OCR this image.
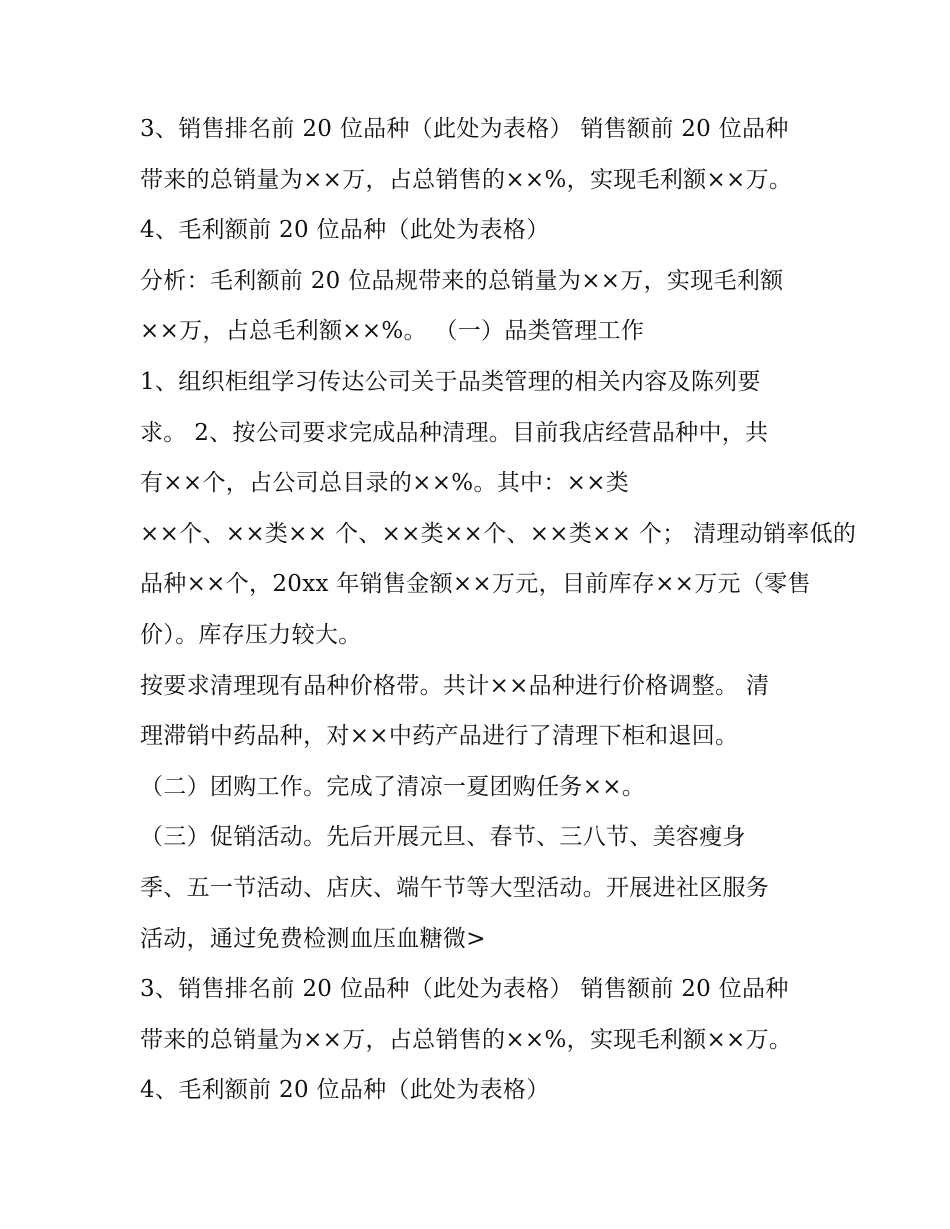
3、销售排名前 20 位品种（此处为表格） 销售额前 20 位品种
带来的总销量为××万，占总销售的××%，实现毛利额××万。
4、毛利额前 20 位品种（此处为表格）
分析：毛利额前 20 位品规带来的总销量为××万，实现毛利额
××万，占总毛利额××%。 （一）品类管理工作
1、组织柜组学习传达公司关于品类管理的相关内容及陈列要
求。 2、按公司要求完成品种清理。目前我店经营品种中，共
有××个，占公司总目录的××%。其中：××类
××个、××类×× 个、××类××个、××类×× 个； 清理动销率低的
品种××个，20xx 年销售金额××万元，目前库存××万元（零售
价）。库存压力较大。
按要求清理现有品种价格带。共计××品种进行价格调整。 清
理滞销中药品种，对××中药产品进行了清理下柜和退回。
（二）团购工作。完成了清凉一夏团购任务××。
（三）促销活动。先后开展元旦、春节、三八节、美容瘦身
季、五一节活动、店庆、端午节等大型活动。开展进社区服务
活动，通过免费检测血压血糖微>
3、销售排名前 20 位品种（此处为表格） 销售额前 20 位品种
带来的总销量为××万，占总销售的××%，实现毛利额××万。
4、毛利额前 20 位品种（此处为表格）
